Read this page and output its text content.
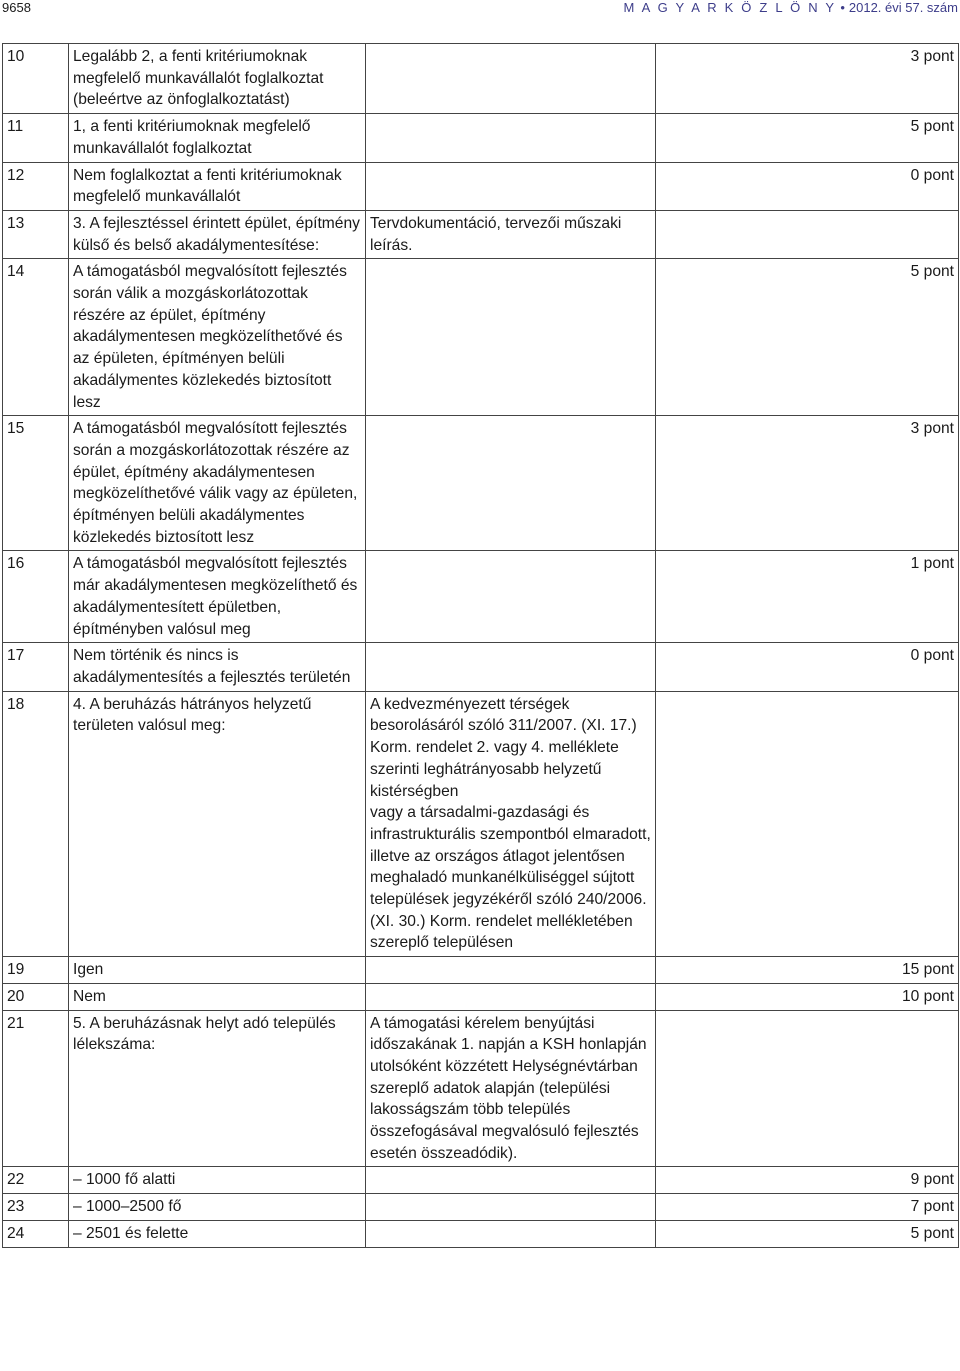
9658	M A G Y A R K Ö Z L Ö N Y • 2012. évi 57. szám
10	Legalább 2, a fenti kritériumoknak megfelelő munkavállalót foglalkoztat (beleértve az önfoglalkoztatást)		3 pont
11	1, a fenti kritériumoknak megfelelő munkavállalót foglalkoztat		5 pont
12	Nem foglalkoztat a fenti kritériumoknak megfelelő munkavállalót		0 pont
13	3. A fejlesztéssel érintett épület, építmény külső és belső akadálymentesítése:	Tervdokumentáció, tervezői műszaki leírás.	
14	A támogatásból megvalósított fejlesztés során válik a mozgáskorlátozottak részére az épület, építmény akadálymentesen megközelíthetővé és az épületen, építményen belüli akadálymentes közlekedés biztosított lesz		5 pont
15	A támogatásból megvalósított fejlesztés során a mozgáskorlátozottak részére az épület, építmény akadálymentesen megközelíthetővé válik vagy az épületen, építményen belüli akadálymentes közlekedés biztosított lesz		3 pont
16	A támogatásból megvalósított fejlesztés már akadálymentesen megközelíthető és akadálymentesített épületben, építményben valósul meg		1 pont
17	Nem történik és nincs is akadálymentesítés a fejlesztés területén		0 pont
18	4. A beruházás hátrányos helyzetű területen valósul meg:	A kedvezményezett térségek besorolásáról szóló 311/2007. (XI. 17.) Korm. rendelet 2. vagy 4. melléklete szerinti leghátrányosabb helyzetű kistérségben
vagy a társadalmi-gazdasági és infrastrukturális szempontból elmaradott, illetve az országos átlagot jelentősen meghaladó munkanélküliséggel sújtott települések jegyzékéről szóló 240/2006. (XI. 30.) Korm. rendelet mellékletében szereplő településen	
19	Igen		15 pont
20	Nem		10 pont
21	5. A beruházásnak helyt adó település lélekszáma:	A támogatási kérelem benyújtási időszakának 1. napján a KSH honlapján utolsóként közzétett Helységnévtárban szereplő adatok alapján (települési lakosságszám több település összefogásával megvalósuló fejlesztés esetén összeadódik).	
22	– 1000 fő alatti		9 pont
23	– 1000–2500 fő		7 pont
24	– 2501 és felette		5 pont
